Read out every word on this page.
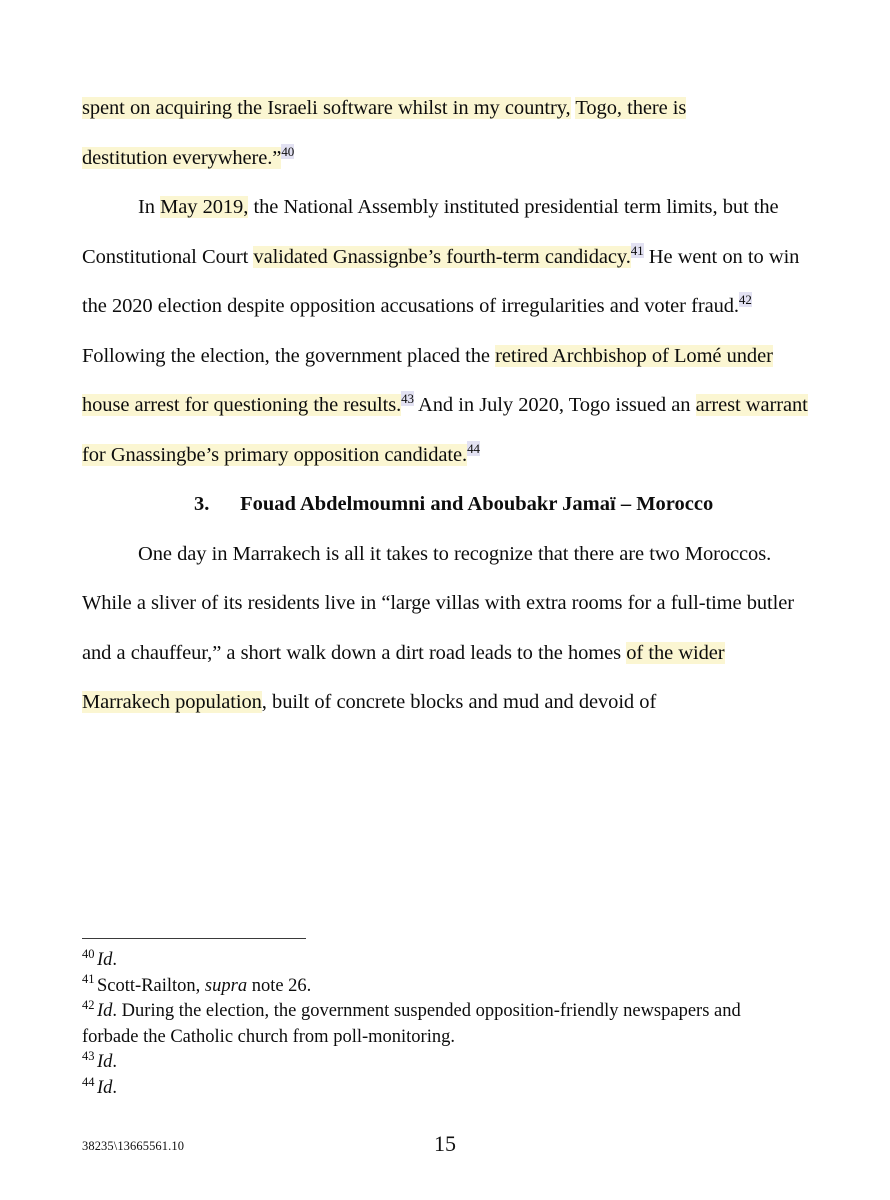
spent on acquiring the Israeli software whilst in my country, Togo, there is
destitution everywhere.”$^{40}$

In May 2019, the National Assembly instituted presidential term limits, but the Constitutional Court validated Gnassignbe’s fourth-term candidacy.$^{41}$ He went on to win the 2020 election despite opposition accusations of irregularities and voter fraud.$^{42}$ Following the election, the government placed the retired Archbishop of Lomé under house arrest for questioning the results.$^{43}$ And in July 2020, Togo issued an arrest warrant for Gnassingbe’s primary opposition candidate.$^{44}$

3. Fouad Abdelmoumni and Aboubakr Jamaï – Morocco

One day in Marrakech is all it takes to recognize that there are two Moroccos. While a sliver of its residents live in “large villas with extra rooms for a full-time butler and a chauffeur,” a short walk down a dirt road leads to the homes of the wider Marrakech population, built of concrete blocks and mud and devoid of

$^{40}$ Id.

$^{41}$ Scott-Railton, supra note 26.

$^{42}$ Id. During the election, the government suspended opposition-friendly newspapers and forbade the Catholic church from poll-monitoring.

$^{43}$ Id.

$^{44}$ Id.

38235\13665561.10	15
